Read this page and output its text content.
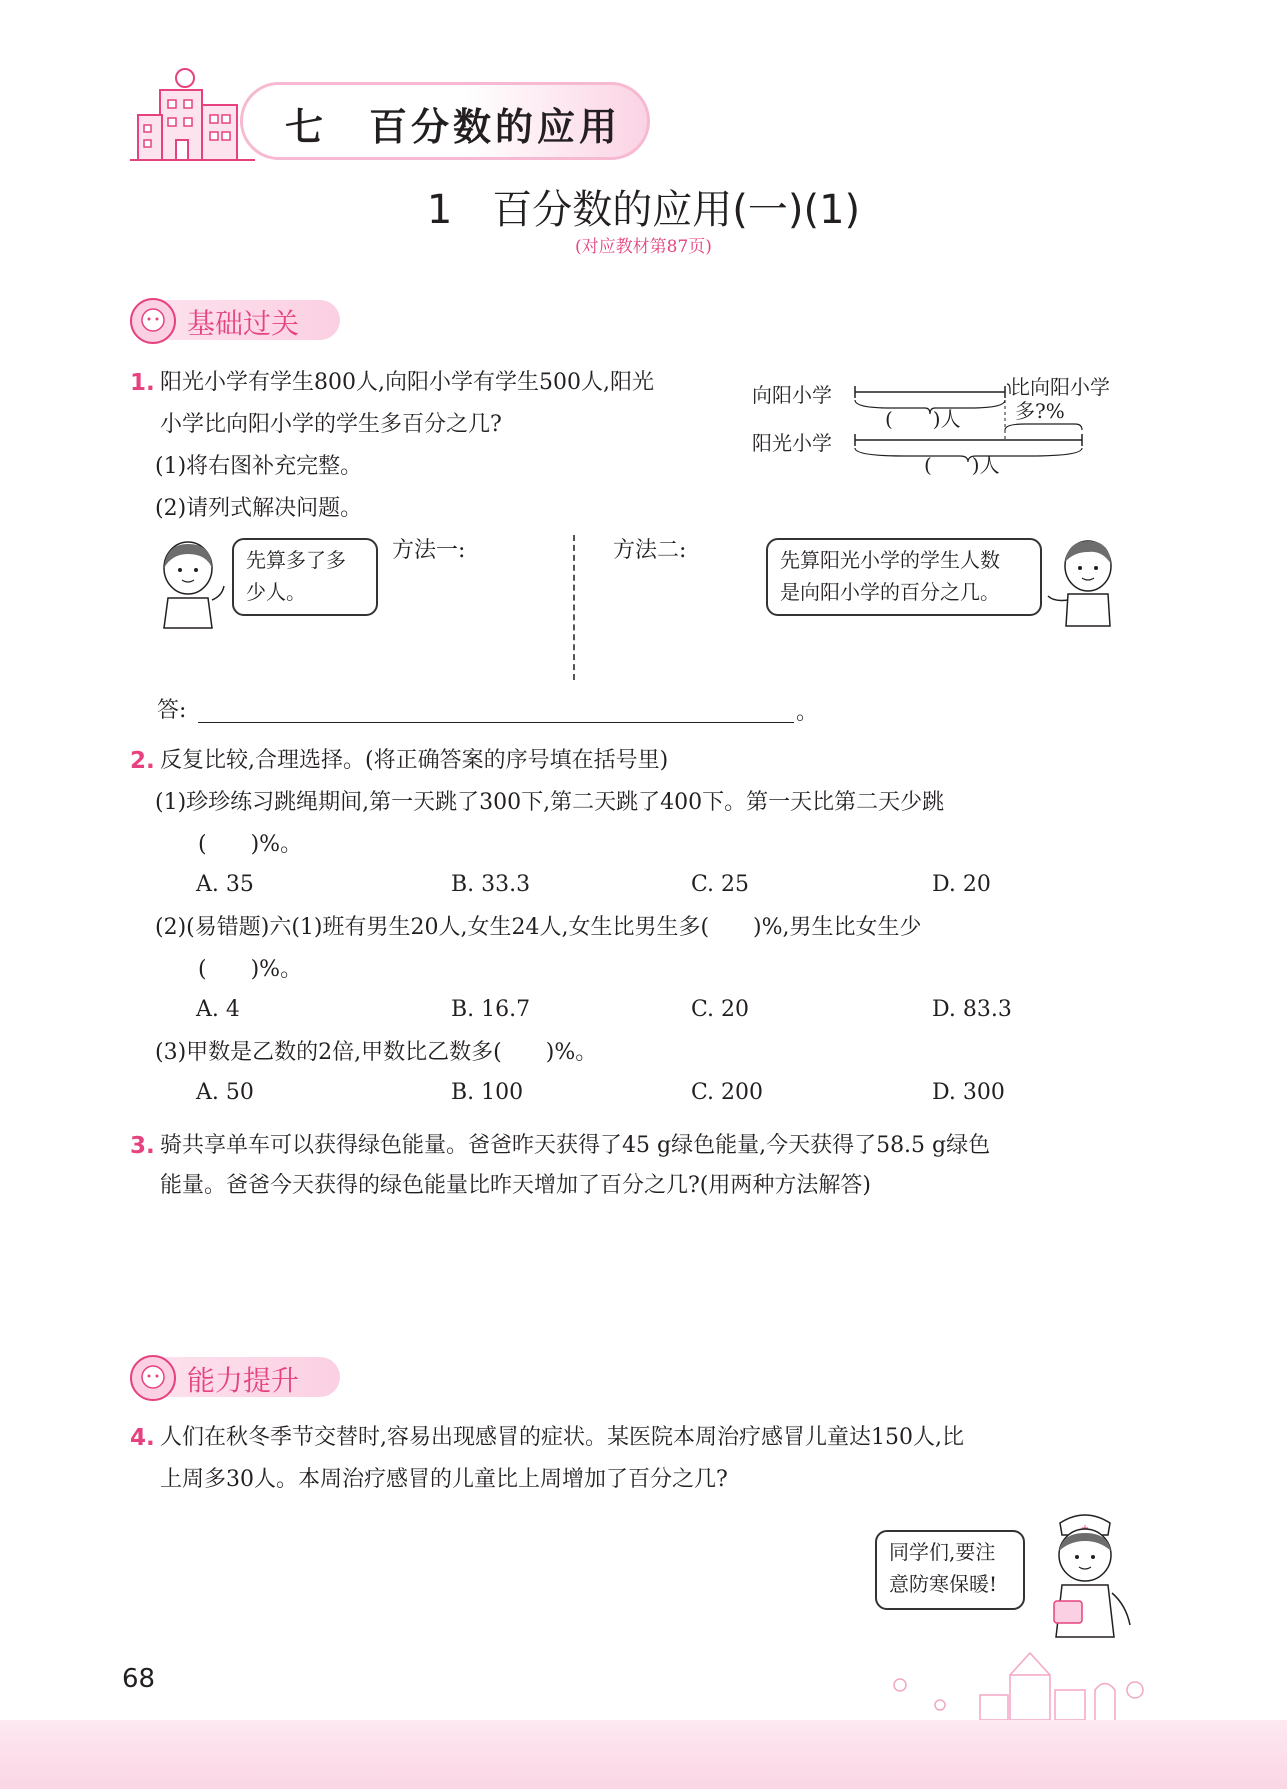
七　百分数的应用
1　百分数的应用(一)(1)
(对应教材第87页)
基础过关
1. 阳光小学有学生800人,向阳小学有学生500人,阳光
小学比向阳小学的学生多百分之几?
(1)将右图补充完整。
(2)请列式解决问题。
向阳小学
阳光小学
比向阳小学
多?%
(　　)人
(　　)人
先算多了多少人。
方法一:	方法二:	先算阳光小学的学生人数
是向阳小学的百分之几。
答:	。
2. 反复比较,合理选择。(将正确答案的序号填在括号里)
(1)珍珍练习跳绳期间,第一天跳了300下,第二天跳了400下。第一天比第二天少跳
(　　)%。
A. 35	B. 33.3	C. 25	D. 20
(2)(易错题)六(1)班有男生20人,女生24人,女生比男生多(　　)%,男生比女生少
(　　)%。
A. 4	B. 16.7	C. 20	D. 83.3
(3)甲数是乙数的2倍,甲数比乙数多(　　)%。
A. 50	B. 100	C. 200	D. 300
3. 骑共享单车可以获得绿色能量。爸爸昨天获得了45 g绿色能量,今天获得了58.5 g绿色
能量。爸爸今天获得的绿色能量比昨天增加了百分之几?(用两种方法解答)
能力提升
4. 人们在秋冬季节交替时,容易出现感冒的症状。某医院本周治疗感冒儿童达150人,比
上周多30人。本周治疗感冒的儿童比上周增加了百分之几?
同学们,要注
意防寒保暖!
68
